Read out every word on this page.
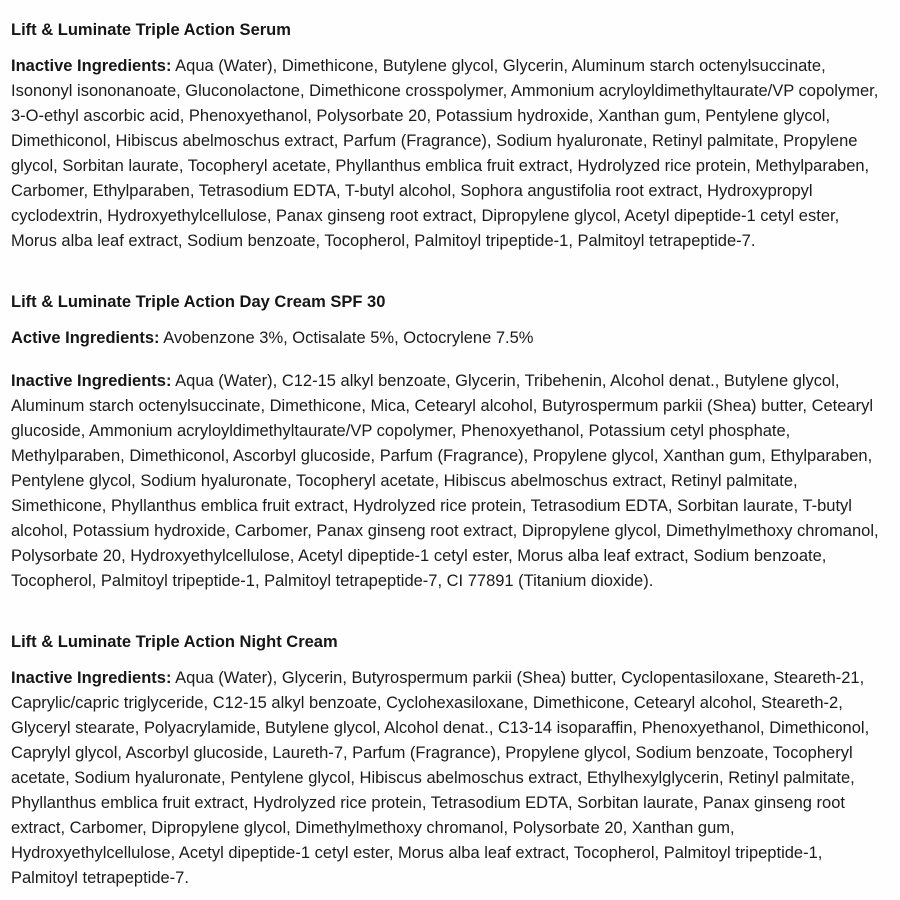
Lift & Luminate Triple Action Serum

Inactive Ingredients: Aqua (Water), Dimethicone, Butylene glycol, Glycerin, Aluminum starch octenylsuccinate, Isononyl isononanoate, Gluconolactone, Dimethicone crosspolymer, Ammonium acryloyldimethyltaurate/VP copolymer, 3-O-ethyl ascorbic acid, Phenoxyethanol, Polysorbate 20, Potassium hydroxide, Xanthan gum, Pentylene glycol, Dimethiconol, Hibiscus abelmoschus extract, Parfum (Fragrance), Sodium hyaluronate, Retinyl palmitate, Propylene glycol, Sorbitan laurate, Tocopheryl acetate, Phyllanthus emblica fruit extract, Hydrolyzed rice protein, Methylparaben, Carbomer, Ethylparaben, Tetrasodium EDTA, T-butyl alcohol, Sophora angustifolia root extract, Hydroxypropyl cyclodextrin, Hydroxyethylcellulose, Panax ginseng root extract, Dipropylene glycol, Acetyl dipeptide-1 cetyl ester, Morus alba leaf extract, Sodium benzoate, Tocopherol, Palmitoyl tripeptide-1, Palmitoyl tetrapeptide-7.

Lift & Luminate Triple Action Day Cream SPF 30

Active Ingredients: Avobenzone 3%, Octisalate 5%, Octocrylene 7.5%

Inactive Ingredients: Aqua (Water), C12-15 alkyl benzoate, Glycerin, Tribehenin, Alcohol denat., Butylene glycol, Aluminum starch octenylsuccinate, Dimethicone, Mica, Cetearyl alcohol, Butyrospermum parkii (Shea) butter, Cetearyl glucoside, Ammonium acryloyldimethyltaurate/VP copolymer, Phenoxyethanol, Potassium cetyl phosphate, Methylparaben, Dimethiconol, Ascorbyl glucoside, Parfum (Fragrance), Propylene glycol, Xanthan gum, Ethylparaben, Pentylene glycol, Sodium hyaluronate, Tocopheryl acetate, Hibiscus abelmoschus extract, Retinyl palmitate, Simethicone, Phyllanthus emblica fruit extract, Hydrolyzed rice protein, Tetrasodium EDTA, Sorbitan laurate, T-butyl alcohol, Potassium hydroxide, Carbomer, Panax ginseng root extract, Dipropylene glycol, Dimethylmethoxy chromanol, Polysorbate 20, Hydroxyethylcellulose, Acetyl dipeptide-1 cetyl ester, Morus alba leaf extract, Sodium benzoate, Tocopherol, Palmitoyl tripeptide-1, Palmitoyl tetrapeptide-7, CI 77891 (Titanium dioxide).

Lift & Luminate Triple Action Night Cream

Inactive Ingredients: Aqua (Water), Glycerin, Butyrospermum parkii (Shea) butter, Cyclopentasiloxane, Steareth-21, Caprylic/capric triglyceride, C12-15 alkyl benzoate, Cyclohexasiloxane, Dimethicone, Cetearyl alcohol, Steareth-2, Glyceryl stearate, Polyacrylamide, Butylene glycol, Alcohol denat., C13-14 isoparaffin, Phenoxyethanol, Dimethiconol, Caprylyl glycol, Ascorbyl glucoside, Laureth-7, Parfum (Fragrance), Propylene glycol, Sodium benzoate, Tocopheryl acetate, Sodium hyaluronate, Pentylene glycol, Hibiscus abelmoschus extract, Ethylhexylglycerin, Retinyl palmitate, Phyllanthus emblica fruit extract, Hydrolyzed rice protein, Tetrasodium EDTA, Sorbitan laurate, Panax ginseng root extract, Carbomer, Dipropylene glycol, Dimethylmethoxy chromanol, Polysorbate 20, Xanthan gum, Hydroxyethylcellulose, Acetyl dipeptide-1 cetyl ester, Morus alba leaf extract, Tocopherol, Palmitoyl tripeptide-1, Palmitoyl tetrapeptide-7.
